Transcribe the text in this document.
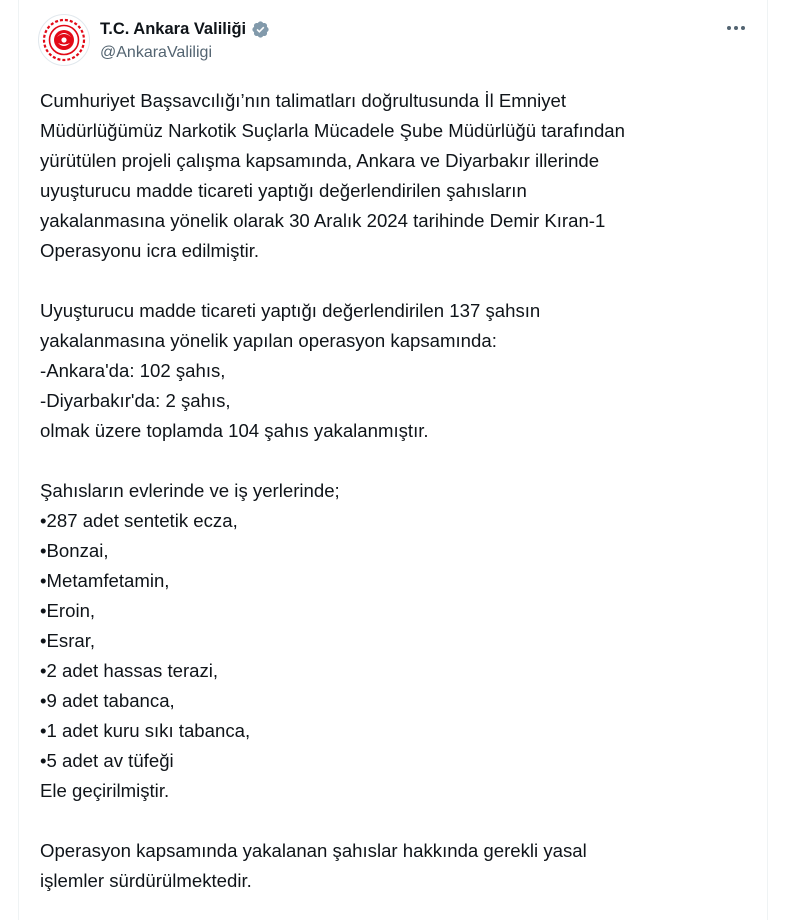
T.C. Ankara Valiliği
@AnkaraValiligi
Cumhuriyet Başsavcılığı’nın talimatları doğrultusunda İl Emniyet
Müdürlüğümüz Narkotik Suçlarla Mücadele Şube Müdürlüğü tarafından
yürütülen projeli çalışma kapsamında, Ankara ve Diyarbakır illerinde
uyuşturucu madde ticareti yaptığı değerlendirilen şahısların
yakalanmasına yönelik olarak 30 Aralık 2024 tarihinde Demir Kıran-1
Operasyonu icra edilmiştir.
Uyuşturucu madde ticareti yaptığı değerlendirilen 137 şahsın
yakalanmasına yönelik yapılan operasyon kapsamında:
-Ankara'da: 102 şahıs,
-Diyarbakır'da: 2 şahıs,
olmak üzere toplamda 104 şahıs yakalanmıştır.
Şahısların evlerinde ve iş yerlerinde;
•287 adet sentetik ecza,
•Bonzai,
•Metamfetamin,
•Eroin,
•Esrar,
•2 adet hassas terazi,
•9 adet tabanca,
•1 adet kuru sıkı tabanca,
•5 adet av tüfeği
Ele geçirilmiştir.
Operasyon kapsamında yakalanan şahıslar hakkında gerekli yasal
işlemler sürdürülmektedir.
